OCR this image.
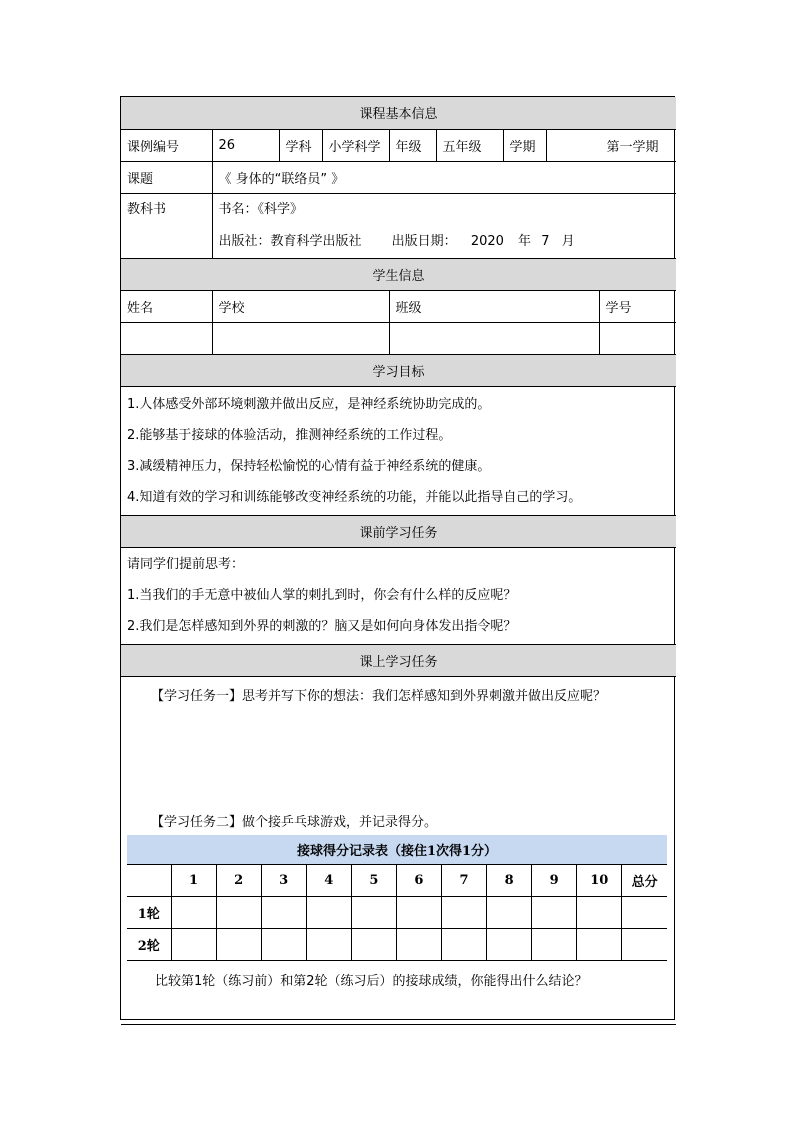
课程基本信息
课例编号	26	学科	小学科学	年级	五年级	学期	第一学期
课题	《 身体的“联络员” 》

教科书	书名：《科学》
出版社：教育科学出版社 出版日期： 2020 年 7 月

学生信息
姓名	学校	班级	学号

学习目标

1.人体感受外部环境刺激并做出反应，是神经系统协助完成的。
2.能够基于接球的体验活动，推测神经系统的工作过程。
3.减缓精神压力，保持轻松愉悦的心情有益于神经系统的健康。
4.知道有效的学习和训练能够改变神经系统的功能，并能以此指导自己的学习。

课前学习任务

请同学们提前思考：
1.当我们的手无意中被仙人掌的刺扎到时，你会有什么样的反应呢？
2.我们是怎样感知到外界的刺激的？脑又是如何向身体发出指令呢？

课上学习任务

【学习任务一】思考并写下你的想法：我们怎样感知到外界刺激并做出反应呢？
【学习任务二】做个接乒乓球游戏，并记录得分。
接球得分记录表（接住1次得1分）
	1	2	3	4	5	6	7	8	9	10	总分
1轮											
2轮											
比较第1轮（练习前）和第2轮（练习后）的接球成绩，你能得出什么结论？
